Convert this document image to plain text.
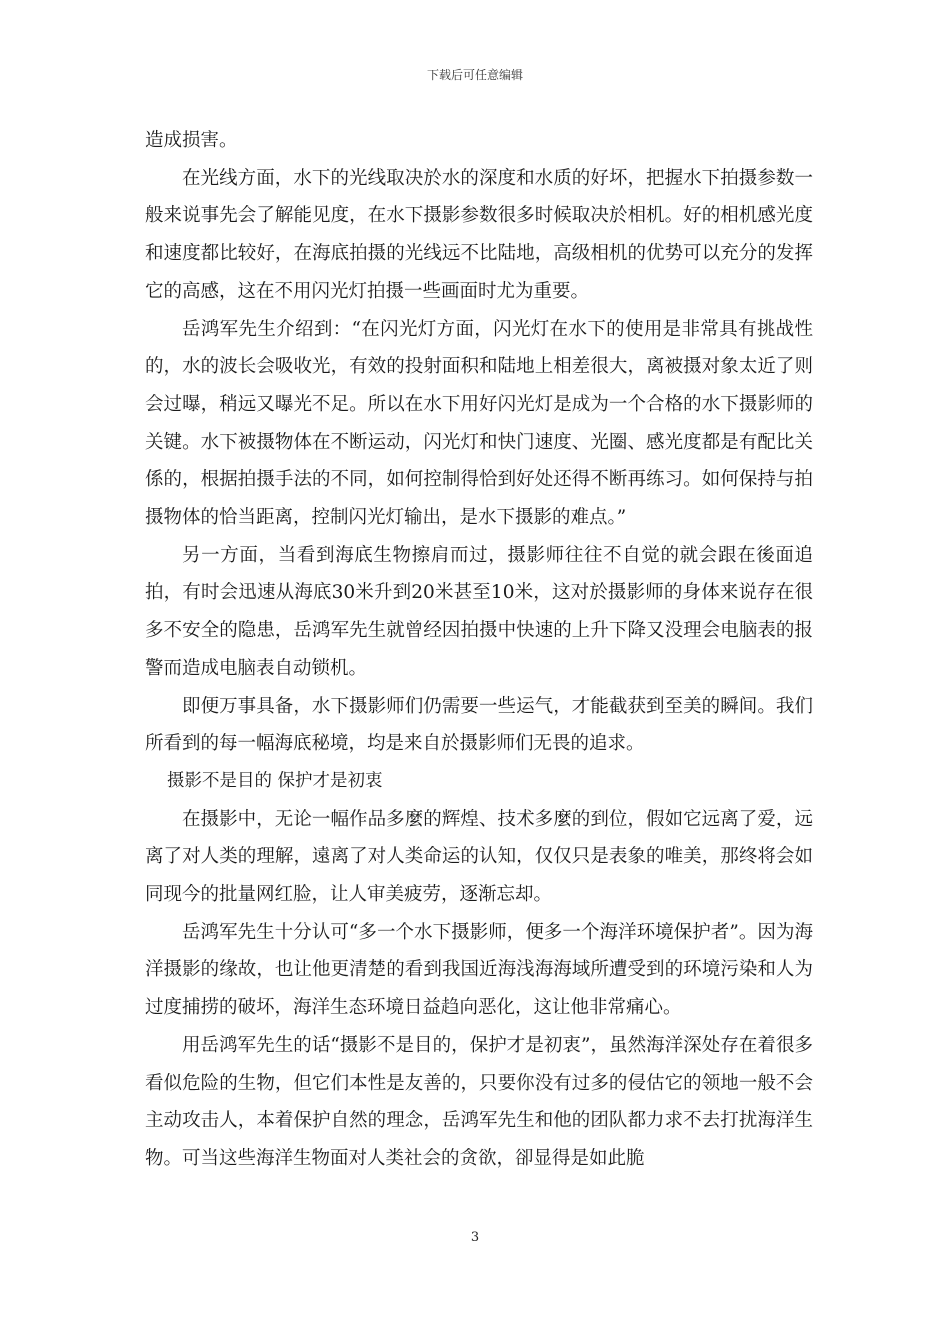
下载后可任意编辑

造成损害。

在光线方面，水下的光线取决於水的深度和水质的好坏，把握水下拍摄参数一般来说事先会了解能见度，在水下摄影参数很多时候取决於相机。好的相机感光度和速度都比较好，在海底拍摄的光线远不比陆地，高级相机的优势可以充分的发挥它的高感，这在不用闪光灯拍摄一些画面时尤为重要。

岳鸿军先生介绍到：“在闪光灯方面，闪光灯在水下的使用是非常具有挑战性的，水的波长会吸收光，有效的投射面积和陆地上相差很大，离被摄对象太近了则会过曝，稍远又曝光不足。所以在水下用好闪光灯是成为一个合格的水下摄影师的关键。水下被摄物体在不断运动，闪光灯和快门速度、光圈、感光度都是有配比关係的，根据拍摄手法的不同，如何控制得恰到好处还得不断再练习。如何保持与拍摄物体的恰当距离，控制闪光灯输出，是水下摄影的难点。”

另一方面，当看到海底生物擦肩而过，摄影师往往不自觉的就会跟在後面追拍，有时会迅速从海底30米升到20米甚至10米，这对於摄影师的身体来说存在很多不安全的隐患，岳鸿军先生就曾经因拍摄中快速的上升下降又没理会电脑表的报警而造成电脑表自动锁机。

即便万事具备，水下摄影师们仍需要一些运气，才能截获到至美的瞬间。我们所看到的每一幅海底秘境，均是来自於摄影师们无畏的追求。

摄影不是目的 保护才是初衷

在摄影中，无论一幅作品多麼的辉煌、技术多麼的到位，假如它远离了爱，远离了对人类的理解，遠离了对人类命运的认知，仅仅只是表象的唯美，那终将会如同现今的批量网红脸，让人审美疲劳，逐渐忘却。

岳鸿军先生十分认可“多一个水下摄影师，便多一个海洋环境保护者”。因为海洋摄影的缘故，也让他更清楚的看到我国近海浅海海域所遭受到的环境污染和人为过度捕捞的破坏，海洋生态环境日益趋向恶化，这让他非常痛心。

用岳鸿军先生的话“摄影不是目的，保护才是初衷”，虽然海洋深处存在着很多看似危险的生物，但它们本性是友善的，只要你没有过多的侵估它的领地一般不会主动攻击人，本着保护自然的理念，岳鸿军先生和他的团队都力求不去打扰海洋生物。可当这些海洋生物面对人类社会的贪欲，卻显得是如此脆

3
